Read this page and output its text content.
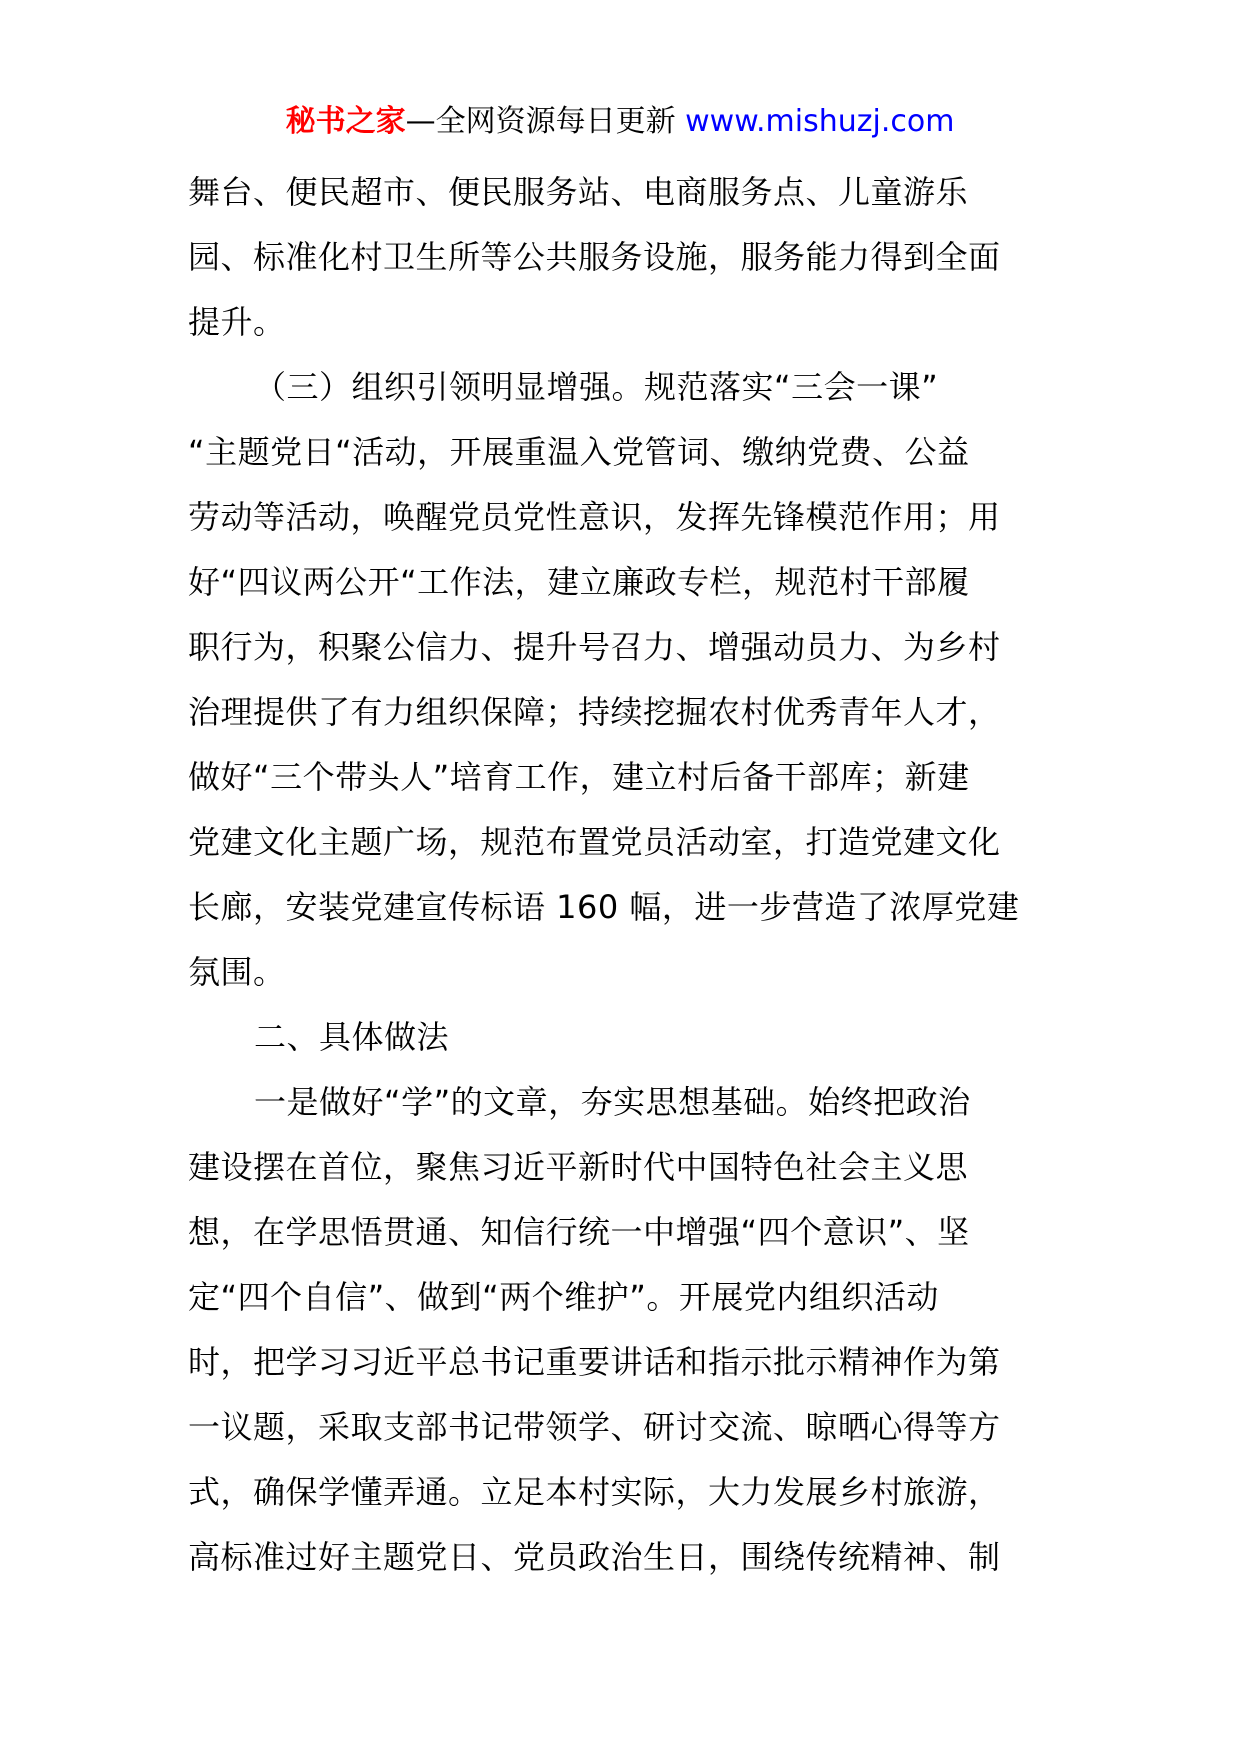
秘书之家—全网资源每日更新 www.mishuzj.com
舞台、便民超市、便民服务站、电商服务点、儿童游乐
园、标准化村卫生所等公共服务设施，服务能力得到全面
提升。
（三）组织引领明显增强。规范落实“三会一课”
“主题党日“活动，开展重温入党管词、缴纳党费、公益
劳动等活动，唤醒党员党性意识，发挥先锋模范作用；用
好“四议两公开“工作法，建立廉政专栏，规范村干部履
职行为，积聚公信力、提升号召力、增强动员力、为乡村
治理提供了有力组织保障；持续挖掘农村优秀青年人才，
做好“三个带头人”培育工作，建立村后备干部库；新建
党建文化主题广场，规范布置党员活动室，打造党建文化
长廊，安装党建宣传标语 160 幅，进一步营造了浓厚党建
氛围。
二、具体做法
一是做好“学”的文章，夯实思想基础。始终把政治
建设摆在首位，聚焦习近平新时代中国特色社会主义思
想，在学思悟贯通、知信行统一中增强“四个意识”、坚
定“四个自信”、做到“两个维护”。开展党内组织活动
时，把学习习近平总书记重要讲话和指示批示精神作为第
一议题，采取支部书记带领学、研讨交流、晾晒心得等方
式，确保学懂弄通。立足本村实际，大力发展乡村旅游，
高标准过好主题党日、党员政治生日，围绕传统精神、制
